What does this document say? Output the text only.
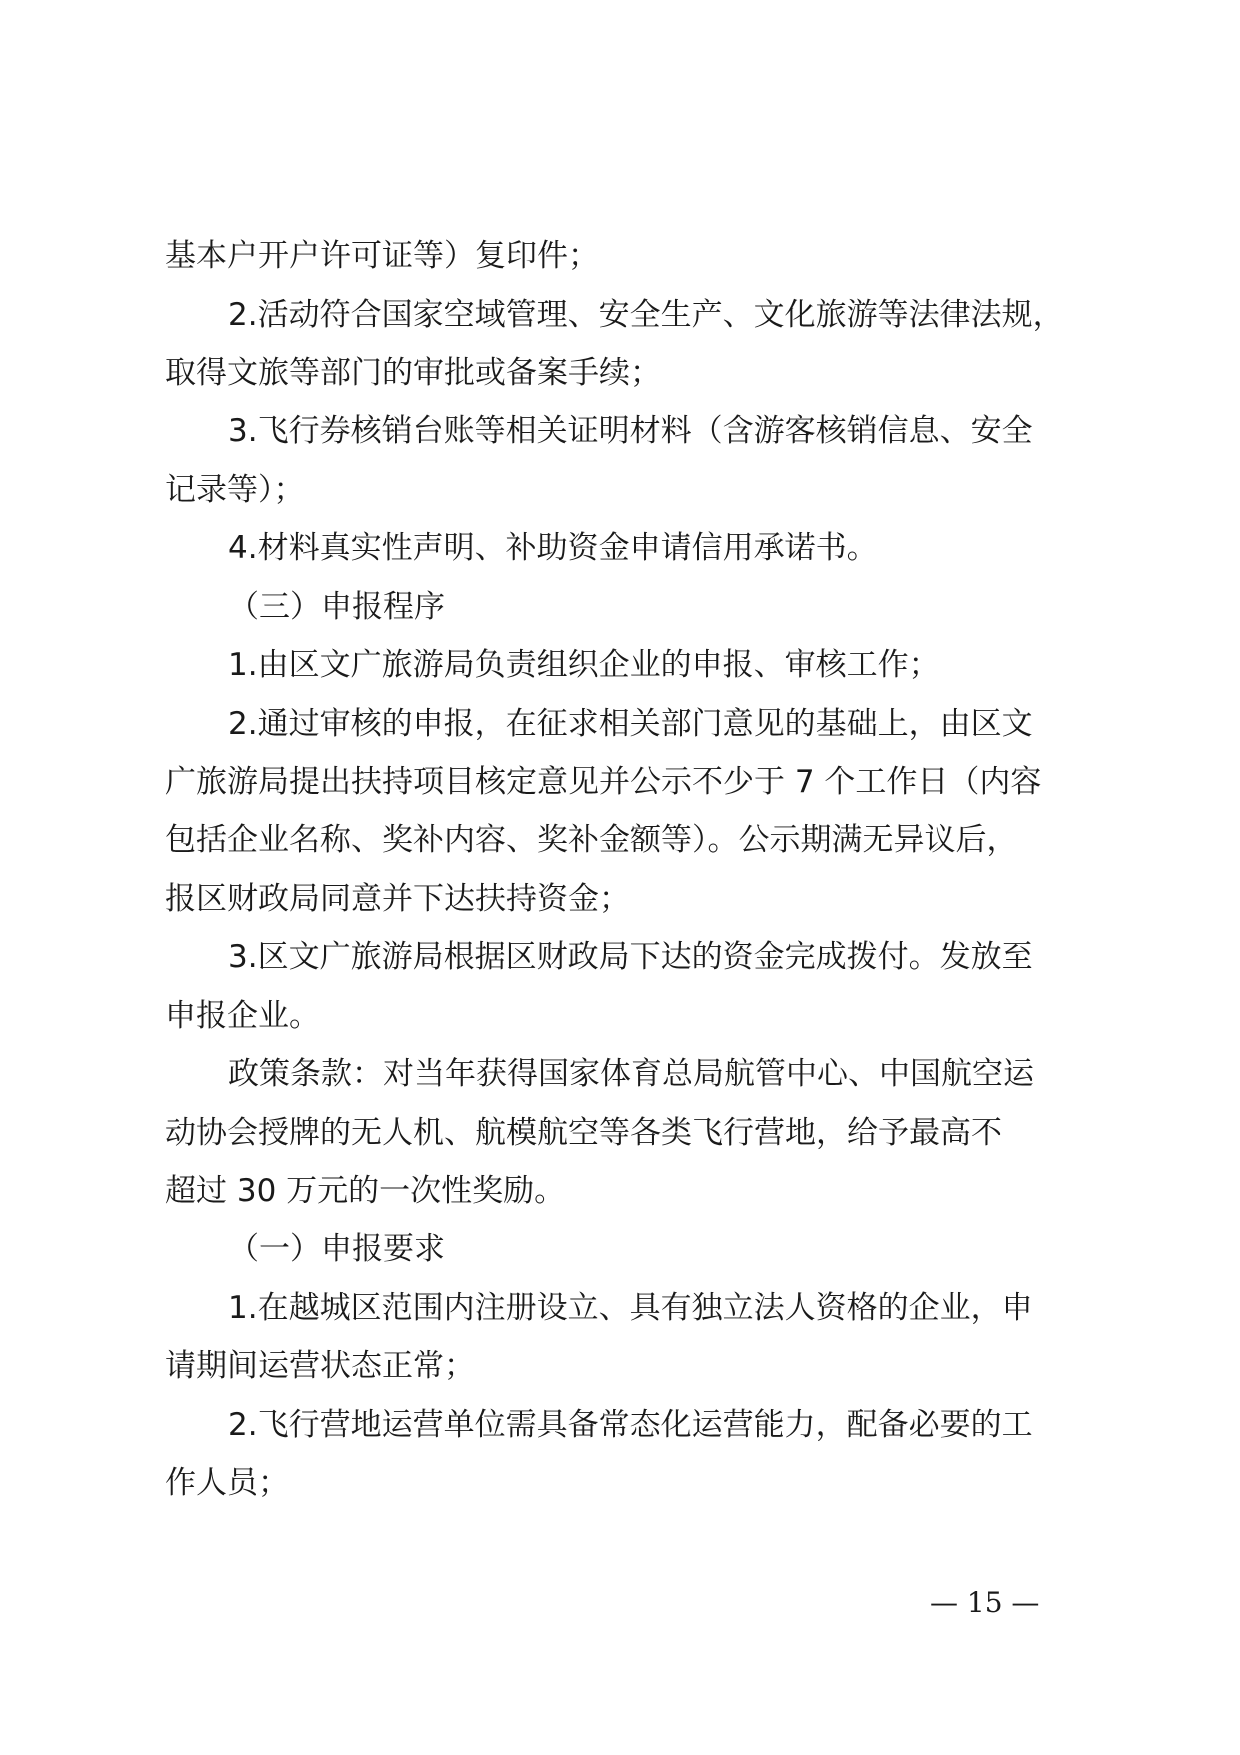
基本户开户许可证等）复印件；
2.活动符合国家空域管理、安全生产、文化旅游等法律法规，
取得文旅等部门的审批或备案手续；
3.飞行券核销台账等相关证明材料（含游客核销信息、安全
记录等）；
4.材料真实性声明、补助资金申请信用承诺书。
（三）申报程序
1.由区文广旅游局负责组织企业的申报、审核工作；
2.通过审核的申报，在征求相关部门意见的基础上，由区文
广旅游局提出扶持项目核定意见并公示不少于 7 个工作日（内容
包括企业名称、奖补内容、奖补金额等）。公示期满无异议后，
报区财政局同意并下达扶持资金；
3.区文广旅游局根据区财政局下达的资金完成拨付。发放至
申报企业。
政策条款：对当年获得国家体育总局航管中心、中国航空运
动协会授牌的无人机、航模航空等各类飞行营地，给予最高不
超过 30 万元的一次性奖励。
（一）申报要求
1.在越城区范围内注册设立、具有独立法人资格的企业，申
请期间运营状态正常；
2.飞行营地运营单位需具备常态化运营能力，配备必要的工
作人员；
— 15 —
